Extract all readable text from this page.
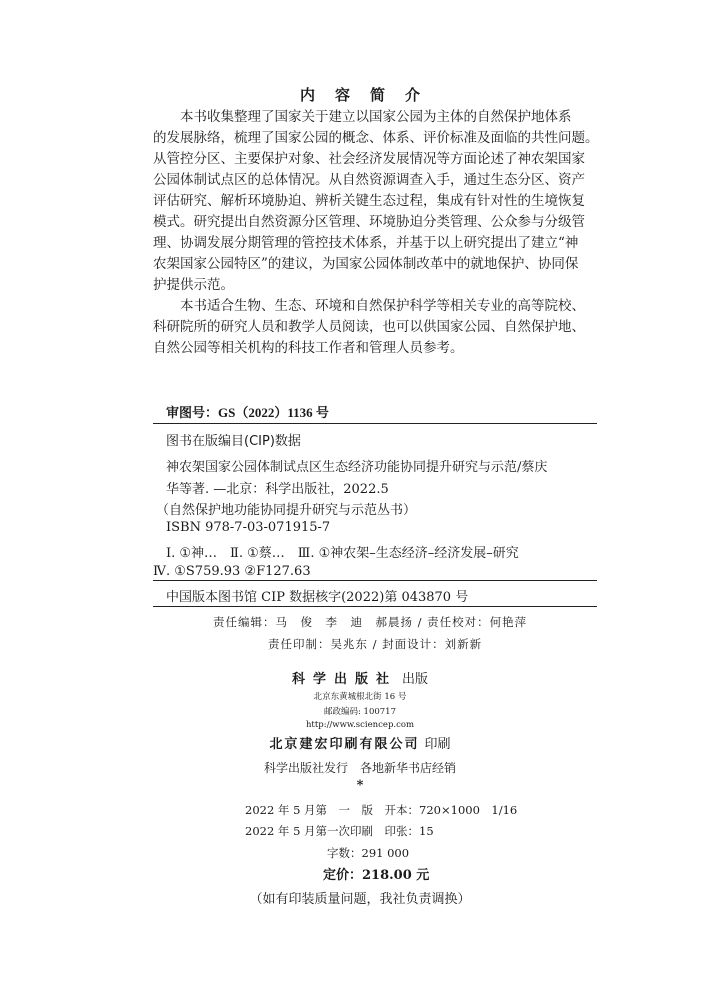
内容简介
本书收集整理了国家关于建立以国家公园为主体的自然保护地体系
的发展脉络，梳理了国家公园的概念、体系、评价标准及面临的共性问题。
从管控分区、主要保护对象、社会经济发展情况等方面论述了神农架国家
公园体制试点区的总体情况。从自然资源调查入手，通过生态分区、资产
评估研究、解析环境胁迫、辨析关键生态过程，集成有针对性的生境恢复
模式。研究提出自然资源分区管理、环境胁迫分类管理、公众参与分级管
理、协调发展分期管理的管控技术体系，并基于以上研究提出了建立“神
农架国家公园特区”的建议，为国家公园体制改革中的就地保护、协同保
护提供示范。
本书适合生物、生态、环境和自然保护科学等相关专业的高等院校、
科研院所的研究人员和教学人员阅读，也可以供国家公园、自然保护地、
自然公园等相关机构的科技工作者和管理人员参考。
审图号：GS（2022）1136 号
图书在版编目(CIP)数据
神农架国家公园体制试点区生态经济功能协同提升研究与示范/蔡庆
华等著. —北京：科学出版社，2022.5
（自然保护地功能协同提升研究与示范丛书）
ISBN 978-7-03-071915-7
Ⅰ. ①神…　Ⅱ. ①蔡…　Ⅲ. ①神农架–生态经济–经济发展–研究
Ⅳ. ①S759.93 ②F127.63
中国版本图书馆 CIP 数据核字(2022)第 043870 号
责任编辑：马　俊　李　迪　郝晨扬 / 责任校对：何艳萍
责任印制：吴兆东 / 封面设计：刘新新
科学出版社 出版
北京东黄城根北街 16 号
邮政编码: 100717
http://www.sciencep.com
北京建宏印刷有限公司 印刷
科学出版社发行　各地新华书店经销
*
2022 年 5 月第　一　版　开本：720×1000　1/16
2022 年 5 月第一次印刷　印张：15
字数：291 000
定价：218.00 元
（如有印装质量问题，我社负责调换）
